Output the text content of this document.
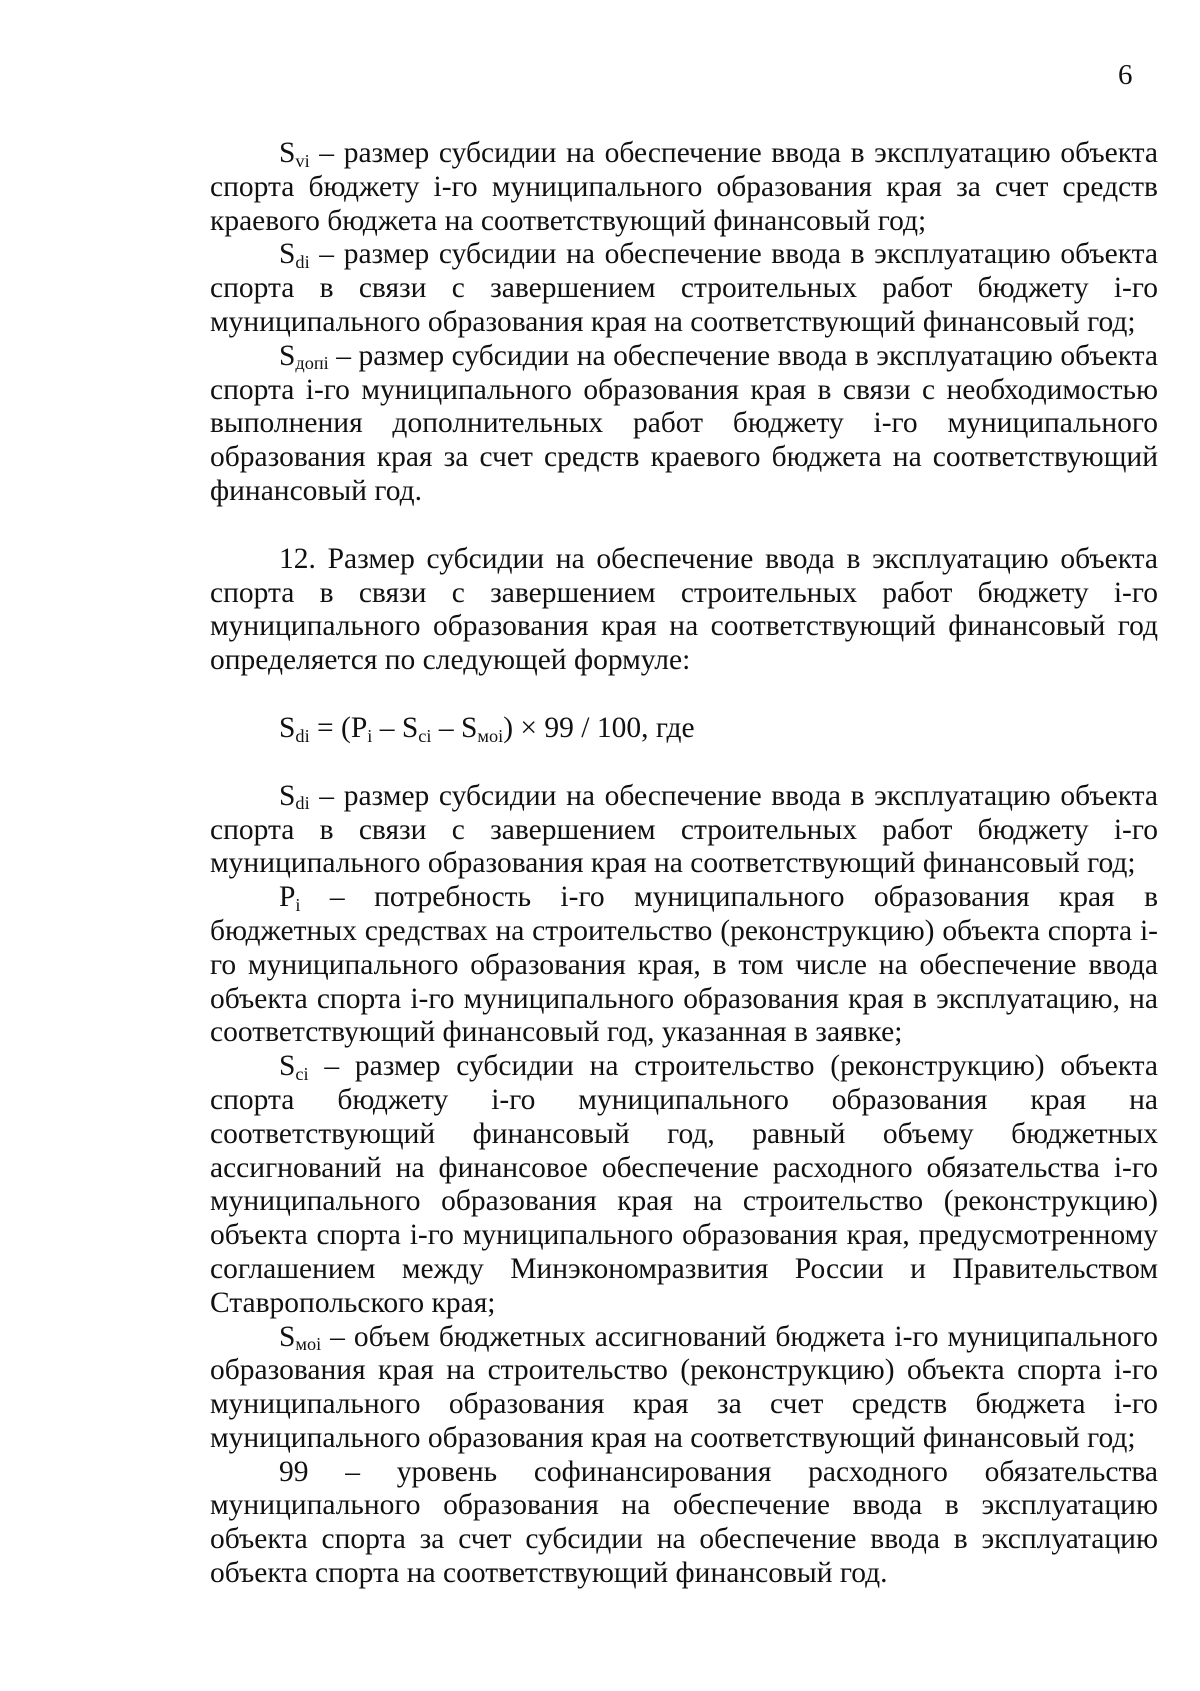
6

$S_{vi}$ – размер субсидии на обеспечение ввода в эксплуатацию объекта спорта бюджету i-го муниципального образования края за счет средств краевого бюджета на соответствующий финансовый год;

$S_{di}$ – размер субсидии на обеспечение ввода в эксплуатацию объекта спорта в связи с завершением строительных работ бюджету i-го муниципального образования края на соответствующий финансовый год;

$S_{допi}$ – размер субсидии на обеспечение ввода в эксплуатацию объекта спорта i-го муниципального образования края в связи с необходимостью выполнения дополнительных работ бюджету i-го муниципального образования края за счет средств краевого бюджета на соответствующий финансовый год.

12. Размер субсидии на обеспечение ввода в эксплуатацию объекта спорта в связи с завершением строительных работ бюджету i-го муниципального образования края на соответствующий финансовый год определяется по следующей формуле:

$S_{di} = (P_i - S_{ci} - S_{моi}) \times 99 / 100$, где

$S_{di}$ – размер субсидии на обеспечение ввода в эксплуатацию объекта спорта в связи с завершением строительных работ бюджету i-го муниципального образования края на соответствующий финансовый год;

$P_i$ – потребность i-го муниципального образования края в бюджетных средствах на строительство (реконструкцию) объекта спорта i-го муниципального образования края, в том числе на обеспечение ввода объекта спорта i-го муниципального образования края в эксплуатацию, на соответствующий финансовый год, указанная в заявке;

$S_{ci}$ – размер субсидии на строительство (реконструкцию) объекта спорта бюджету i-го муниципального образования края на соответствующий финансовый год, равный объему бюджетных ассигнований на финансовое обеспечение расходного обязательства i-го муниципального образования края на строительство (реконструкцию) объекта спорта i-го муниципального образования края, предусмотренному соглашением между Минэкономразвития России и Правительством Ставропольского края;

$S_{моi}$ – объем бюджетных ассигнований бюджета i-го муниципального образования края на строительство (реконструкцию) объекта спорта i-го муниципального образования края за счет средств бюджета i-го муниципального образования края на соответствующий финансовый год;

99 – уровень софинансирования расходного обязательства муниципального образования на обеспечение ввода в эксплуатацию объекта спорта за счет субсидии на обеспечение ввода в эксплуатацию объекта спорта на соответствующий финансовый год.
